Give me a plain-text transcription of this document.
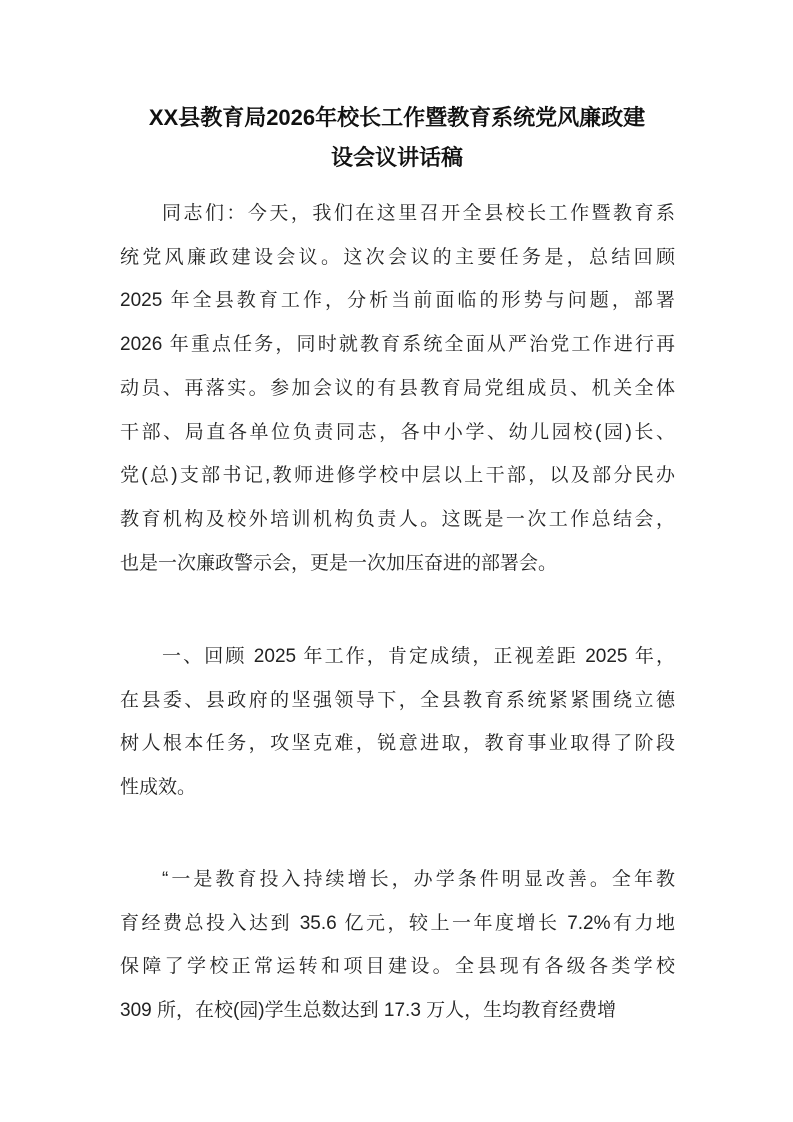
XX县教育局2026年校长工作暨教育系统党风廉政建
设会议讲话稿
同志们：今天，我们在这里召开全县校长工作暨教育系
统党风廉政建设会议。这次会议的主要任务是，总结回顾
2025 年全县教育工作，分析当前面临的形势与问题，部署
2026 年重点任务，同时就教育系统全面从严治党工作进行再
动员、再落实。参加会议的有县教育局党组成员、机关全体
干部、局直各单位负责同志，各中小学、幼儿园校(园)长、
党(总)支部书记,教师进修学校中层以上干部，以及部分民办
教育机构及校外培训机构负责人。这既是一次工作总结会，
也是一次廉政警示会，更是一次加压奋进的部署会。
一、回顾 2025 年工作，肯定成绩，正视差距 2025 年，
在县委、县政府的坚强领导下，全县教育系统紧紧围绕立德
树人根本任务，攻坚克难，锐意进取，教育事业取得了阶段
性成效。
“一是教育投入持续增长，办学条件明显改善。全年教
育经费总投入达到 35.6 亿元，较上一年度增长 7.2%有力地
保障了学校正常运转和项目建设。全县现有各级各类学校
309 所，在校(园)学生总数达到 17.3 万人，生均教育经费增
